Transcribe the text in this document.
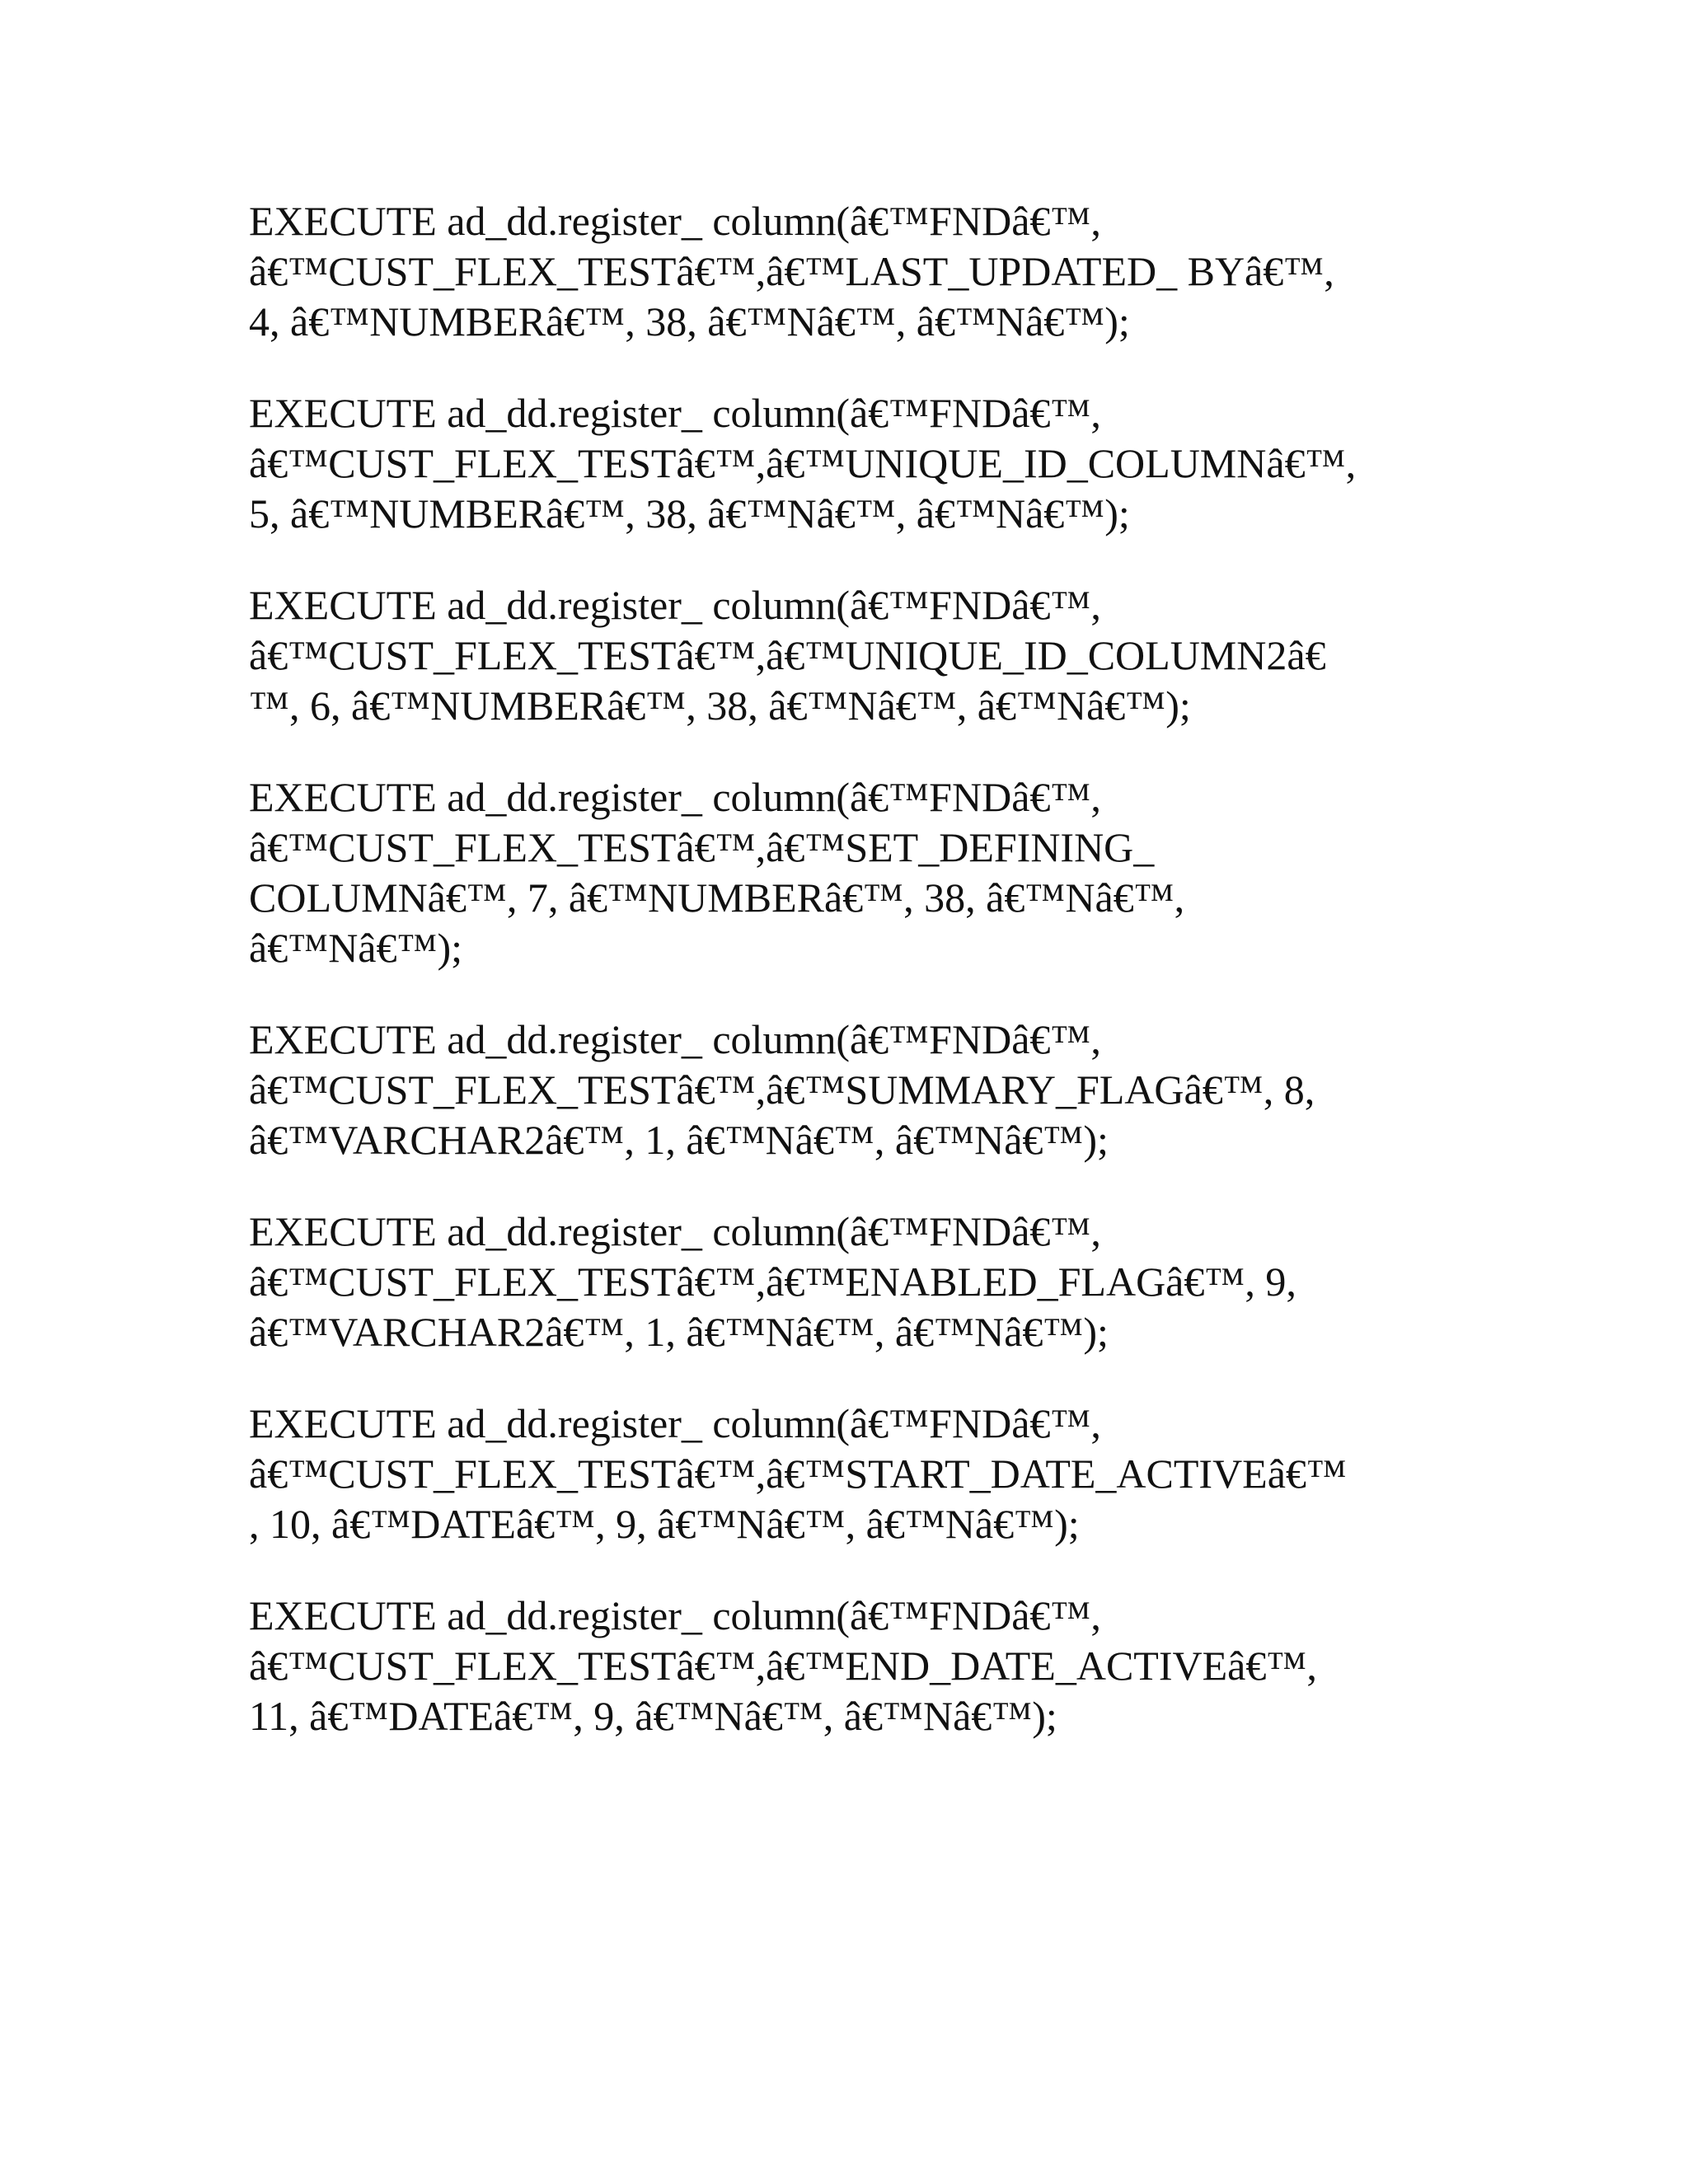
EXECUTE ad_dd.register_ column(â€™FNDâ€™,
â€™CUST_FLEX_TESTâ€™,â€™LAST_UPDATED_ BYâ€™,
4, â€™NUMBERâ€™, 38, â€™Nâ€™, â€™Nâ€™);
EXECUTE ad_dd.register_ column(â€™FNDâ€™,
â€™CUST_FLEX_TESTâ€™,â€™UNIQUE_ID_COLUMNâ€™,
5, â€™NUMBERâ€™, 38, â€™Nâ€™, â€™Nâ€™);
EXECUTE ad_dd.register_ column(â€™FNDâ€™,
â€™CUST_FLEX_TESTâ€™,â€™UNIQUE_ID_COLUMN2â€
™, 6, â€™NUMBERâ€™, 38, â€™Nâ€™, â€™Nâ€™);
EXECUTE ad_dd.register_ column(â€™FNDâ€™,
â€™CUST_FLEX_TESTâ€™,â€™SET_DEFINING_
COLUMNâ€™, 7, â€™NUMBERâ€™, 38, â€™Nâ€™,
â€™Nâ€™);
EXECUTE ad_dd.register_ column(â€™FNDâ€™,
â€™CUST_FLEX_TESTâ€™,â€™SUMMARY_FLAGâ€™, 8,
â€™VARCHAR2â€™, 1, â€™Nâ€™, â€™Nâ€™);
EXECUTE ad_dd.register_ column(â€™FNDâ€™,
â€™CUST_FLEX_TESTâ€™,â€™ENABLED_FLAGâ€™, 9,
â€™VARCHAR2â€™, 1, â€™Nâ€™, â€™Nâ€™);
EXECUTE ad_dd.register_ column(â€™FNDâ€™,
â€™CUST_FLEX_TESTâ€™,â€™START_DATE_ACTIVEâ€™
, 10, â€™DATEâ€™, 9, â€™Nâ€™, â€™Nâ€™);
EXECUTE ad_dd.register_ column(â€™FNDâ€™,
â€™CUST_FLEX_TESTâ€™,â€™END_DATE_ACTIVEâ€™,
11, â€™DATEâ€™, 9, â€™Nâ€™, â€™Nâ€™);
